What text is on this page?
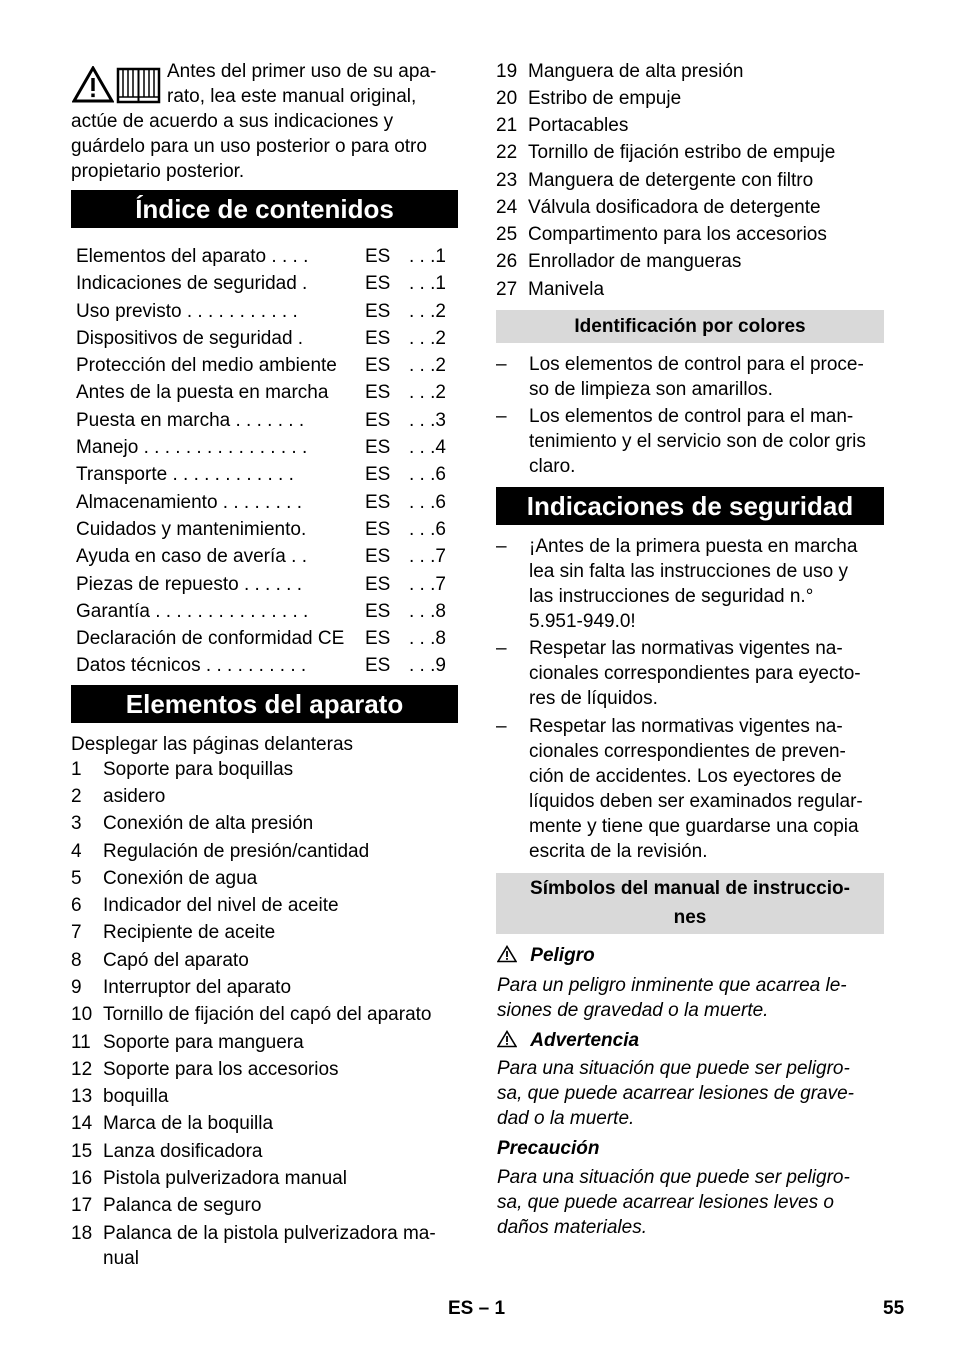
Antes del primer uso de su apa-
rato, lea este manual original,
actúe de acuerdo a sus indicaciones y
guárdelo para un uso posterior o para otro
propietario posterior.
Índice de contenidos
Elementos del aparato . . . .	ES . . .1
Indicaciones de seguridad .	ES . . .1
Uso previsto . . . . . . . . . . .	ES . . .2
Dispositivos de seguridad .	ES . . .2
Protección del medio ambiente ES . . .2
Antes de la puesta en marcha ES . . .2
Puesta en marcha . . . . . . .	ES . . .3
Manejo . . . . . . . . . . . . . . . .	ES . . .4
Transporte . . . . . . . . . . . .	ES . . .6
Almacenamiento . . . . . . . .	ES . . .6
Cuidados y mantenimiento.	ES . . .6
Ayuda en caso de avería . .	ES . . .7
Piezas de repuesto . . . . . .	ES . . .7
Garantía . . . . . . . . . . . . . . .	ES . . .8
Declaración de conformidad CE ES . . .8
Datos técnicos . . . . . . . . . .	ES . . .9
Elementos del aparato
Desplegar las páginas delanteras
1 Soporte para boquillas
2 asidero
3 Conexión de alta presión
4 Regulación de presión/cantidad
5 Conexión de agua
6 Indicador del nivel de aceite
7 Recipiente de aceite
8 Capó del aparato
9 Interruptor del aparato
10 Tornillo de fijación del capó del aparato
11 Soporte para manguera
12 Soporte para los accesorios
13 boquilla
14 Marca de la boquilla
15 Lanza dosificadora
16 Pistola pulverizadora manual
17 Palanca de seguro
18 Palanca de la pistola pulverizadora ma-
nual
19 Manguera de alta presión
20 Estribo de empuje
21 Portacables
22 Tornillo de fijación estribo de empuje
23 Manguera de detergente con filtro
24 Válvula dosificadora de detergente
25 Compartimento para los accesorios
26 Enrollador de mangueras
27 Manivela
Identificación por colores
– Los elementos de control para el proce-
so de limpieza son amarillos.
– Los elementos de control para el man-
tenimiento y el servicio son de color gris
claro.
Indicaciones de seguridad
– ¡Antes de la primera puesta en marcha
lea sin falta las instrucciones de uso y
las instrucciones de seguridad n.°
5.951-949.0!
– Respetar las normativas vigentes na-
cionales correspondientes para eyecto-
res de líquidos.
– Respetar las normativas vigentes na-
cionales correspondientes de preven-
ción de accidentes. Los eyectores de
líquidos deben ser examinados regular-
mente y tiene que guardarse una copia
escrita de la revisión.
Símbolos del manual de instruccio-
nes
Peligro
Para un peligro inminente que acarrea le-
siones de gravedad o la muerte.
Advertencia
Para una situación que puede ser peligro-
sa, que puede acarrear lesiones de grave-
dad o la muerte.
Precaución
Para una situación que puede ser peligro-
sa, que puede acarrear lesiones leves o
daños materiales.
ES – 1	55
